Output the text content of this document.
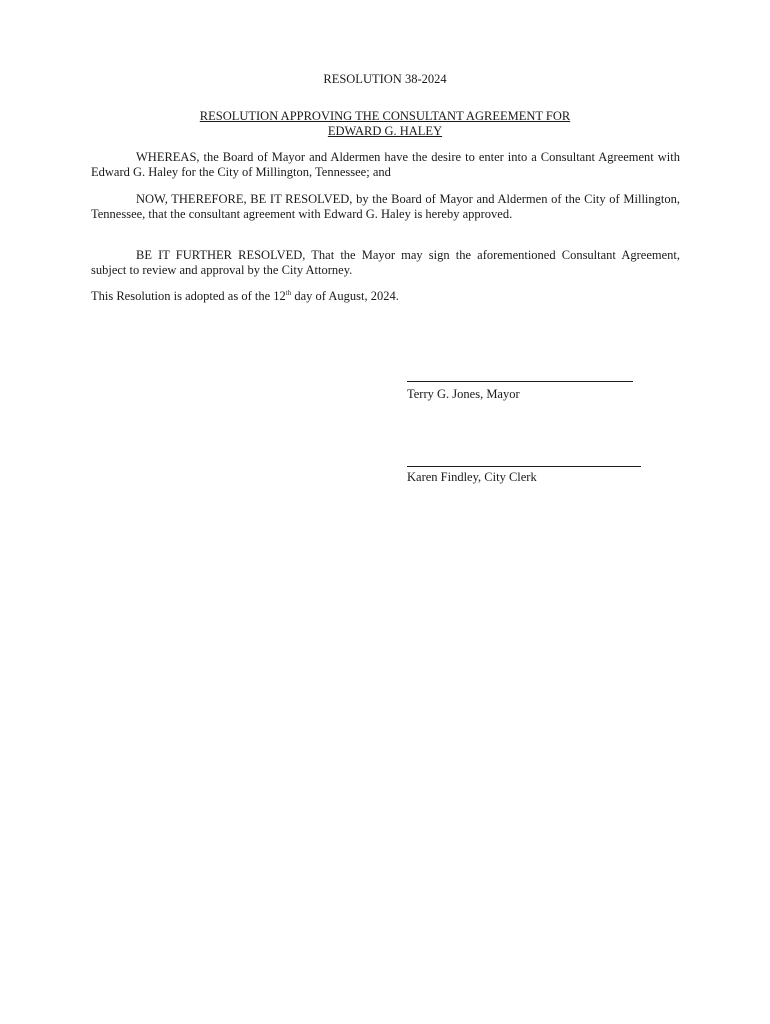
RESOLUTION 38-2024
RESOLUTION APPROVING THE CONSULTANT AGREEMENT FOR
EDWARD G. HALEY

WHEREAS, the Board of Mayor and Aldermen have the desire to enter into a Consultant Agreement with Edward G. Haley for the City of Millington, Tennessee; and

NOW, THEREFORE, BE IT RESOLVED, by the Board of Mayor and Aldermen of the City of Millington, Tennessee, that the consultant agreement with Edward G. Haley is hereby approved.

BE IT FURTHER RESOLVED, That the Mayor may sign the aforementioned Consultant Agreement, subject to review and approval by the City Attorney.

This Resolution is adopted as of the 12th day of August, 2024.

Terry G. Jones, Mayor
Karen Findley, City Clerk
